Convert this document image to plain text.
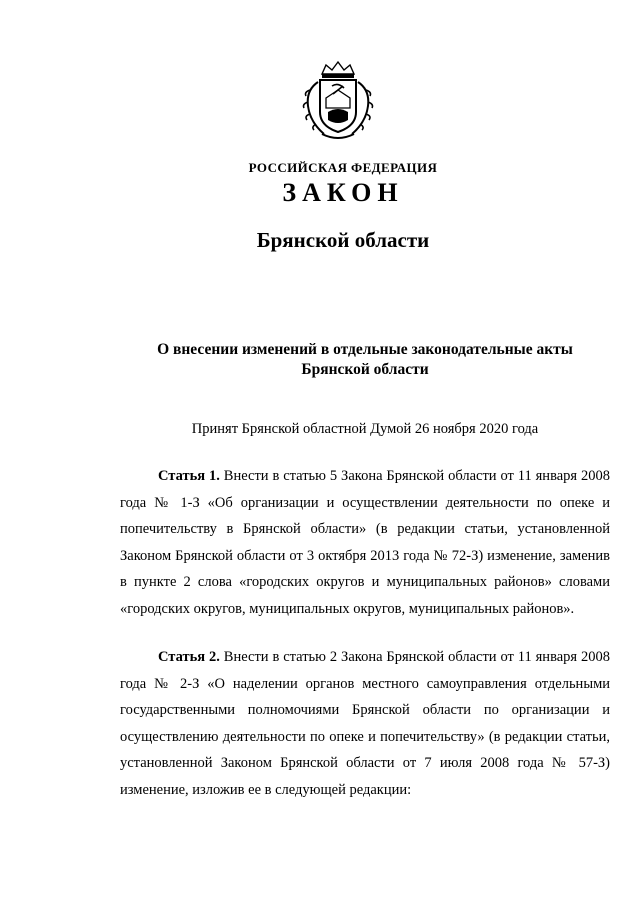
РОССИЙСКАЯ ФЕДЕРАЦИЯ
ЗАКОН
Брянской области
О внесении изменений в отдельные законодательные акты
Брянской области
Принят Брянской областной Думой 26 ноября 2020 года
Статья 1. Внести в статью 5 Закона Брянской области от 11 января 2008 года № 1-З «Об организации и осуществлении деятельности по опеке и попечительству в Брянской области» (в редакции статьи, установленной Законом Брянской области от 3 октября 2013 года № 72-З) изменение, заменив в пункте 2 слова «городских округов и муниципальных районов» словами «городских округов, муниципальных округов, муниципальных районов».
Статья 2. Внести в статью 2 Закона Брянской области от 11 января 2008 года № 2-З «О наделении органов местного самоуправления отдельными государственными полномочиями Брянской области по организации и осуществлению деятельности по опеке и попечительству» (в редакции статьи, установленной Законом Брянской области от 7 июля 2008 года № 57-З) изменение, изложив ее в следующей редакции:
